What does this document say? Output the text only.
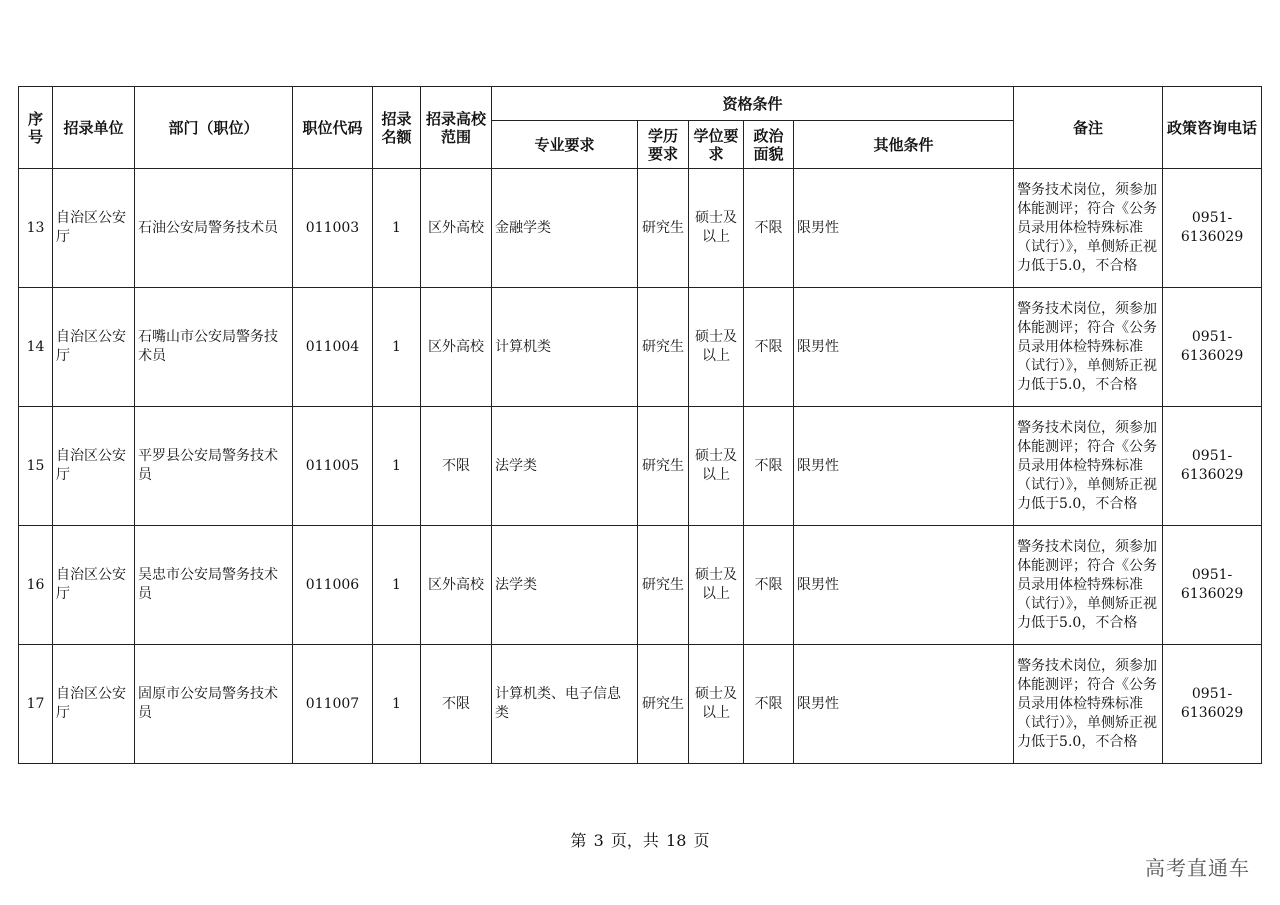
序号	招录单位	部门（职位）	职位代码	招录名额	招录高校范围	资格条件					备注	政策咨询电话
						专业要求	学历要求	学位要求	政治面貌	其他条件		
13	自治区公安厅	石油公安局警务技术员	011003	1	区外高校	金融学类	研究生	硕士及以上	不限	限男性	警务技术岗位，须参加体能测评；符合《公务员录用体检特殊标准（试行）》，单侧矫正视力低于5.0，不合格	0951-6136029
14	自治区公安厅	石嘴山市公安局警务技术员	011004	1	区外高校	计算机类	研究生	硕士及以上	不限	限男性	警务技术岗位，须参加体能测评；符合《公务员录用体检特殊标准（试行）》，单侧矫正视力低于5.0，不合格	0951-6136029
15	自治区公安厅	平罗县公安局警务技术员	011005	1	不限	法学类	研究生	硕士及以上	不限	限男性	警务技术岗位，须参加体能测评；符合《公务员录用体检特殊标准（试行）》，单侧矫正视力低于5.0，不合格	0951-6136029
16	自治区公安厅	吴忠市公安局警务技术员	011006	1	区外高校	法学类	研究生	硕士及以上	不限	限男性	警务技术岗位，须参加体能测评；符合《公务员录用体检特殊标准（试行）》，单侧矫正视力低于5.0，不合格	0951-6136029
17	自治区公安厅	固原市公安局警务技术员	011007	1	不限	计算机类、电子信息类	研究生	硕士及以上	不限	限男性	警务技术岗位，须参加体能测评；符合《公务员录用体检特殊标准（试行）》，单侧矫正视力低于5.0，不合格	0951-6136029
第 3 页，共 18 页
高考直通车
